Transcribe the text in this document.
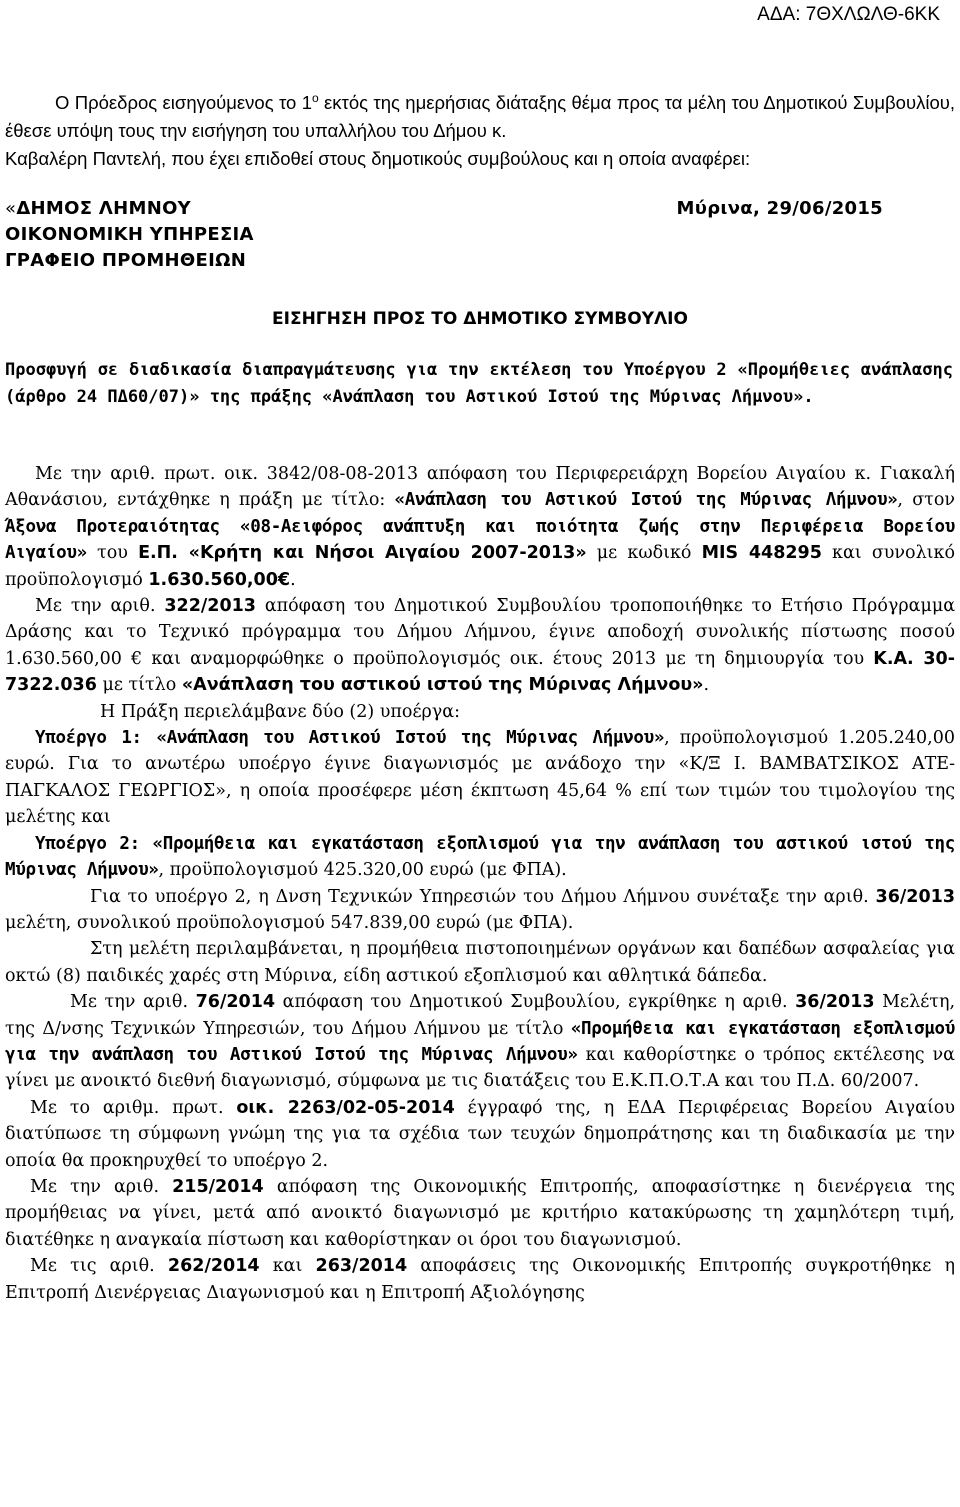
ΑΔΑ: 7ΘΧΛΩΛΘ-6ΚΚ

Ο Πρόεδρος εισηγούμενος το $1^o$ εκτός της ημερήσιας διάταξης θέμα προς τα μέλη του Δημοτικού Συμβουλίου, έθεσε υπόψη τους την εισήγηση του υπαλλήλου του Δήμου κ.

Καβαλέρη Παντελή, που έχει επιδοθεί στους δημοτικούς συμβούλους και η οποία αναφέρει:

«ΔΗΜΟΣ ΛΗΜΝΟΥ
ΟΙΚΟΝΟΜΙΚΗ ΥΠΗΡΕΣΙΑ
ΓΡΑΦΕΙΟ ΠΡΟΜΗΘΕΙΩΝ
Μύρινα, 29/06/2015
ΕΙΣΗΓΗΣΗ ΠΡΟΣ ΤΟ ΔΗΜΟΤΙΚΟ ΣΥΜΒΟΥΛΙΟ
Προσφυγή σε διαδικασία διαπραγμάτευσης για την εκτέλεση του Υποέργου 2 «Προμήθειες ανάπλασης (άρθρο 24 ΠΔ60/07)» της πράξης «Ανάπλαση του Αστικού Ιστού της Μύρινας Λήμνου».

Με την αριθ. πρωτ. οικ. 3842/08-08-2013 απόφαση του Περιφερειάρχη Βορείου Αιγαίου κ. Γιακαλή Αθανάσιου, εντάχθηκε η πράξη με τίτλο: «Ανάπλαση του Αστικού Ιστού της Μύρινας Λήμνου», στον Άξονα Προτεραιότητας «08-Αειφόρος ανάπτυξη και ποιότητα ζωής στην Περιφέρεια Βορείου Αιγαίου» του Ε.Π. «Κρήτη και Νήσοι Αιγαίου 2007-2013» με κωδικό MIS 448295 και συνολικό προϋπολογισμό 1.630.560,00€.

Με την αριθ. 322/2013 απόφαση του Δημοτικού Συμβουλίου τροποποιήθηκε το Ετήσιο Πρόγραμμα Δράσης και το Τεχνικό πρόγραμμα του Δήμου Λήμνου, έγινε αποδοχή συνολικής πίστωσης ποσού 1.630.560,00 € και αναμορφώθηκε ο προϋπολογισμός οικ. έτους 2013 με τη δημιουργία του Κ.Α. 30-7322.036 με τίτλο «Ανάπλαση του αστικού ιστού της Μύρινας Λήμνου».

Η Πράξη περιελάμβανε δύο (2) υποέργα:

Υποέργο 1: «Ανάπλαση του Αστικού Ιστού της Μύρινας Λήμνου», προϋπολογισμού 1.205.240,00 ευρώ. Για το ανωτέρω υποέργο έγινε διαγωνισμός με ανάδοχο την «Κ/Ξ Ι. ΒΑΜΒΑΤΣΙΚΟΣ ΑΤΕ- ΠΑΓΚΑΛΟΣ ΓΕΩΡΓΙΟΣ», η οποία προσέφερε μέση έκπτωση 45,64 % επί των τιμών του τιμολογίου της μελέτης και

Υποέργο 2: «Προμήθεια και εγκατάσταση εξοπλισμού για την ανάπλαση του αστικού ιστού της Μύρινας Λήμνου», προϋπολογισμού 425.320,00 ευρώ (με ΦΠΑ).

Για το υποέργο 2, η Δνση Τεχνικών Υπηρεσιών του Δήμου Λήμνου συνέταξε την αριθ. 36/2013 μελέτη, συνολικού προϋπολογισμού 547.839,00 ευρώ (με ΦΠΑ).

Στη μελέτη περιλαμβάνεται, η προμήθεια πιστοποιημένων οργάνων και δαπέδων ασφαλείας για οκτώ (8) παιδικές χαρές στη Μύρινα, είδη αστικού εξοπλισμού και αθλητικά δάπεδα.

Με την αριθ. 76/2014 απόφαση του Δημοτικού Συμβουλίου, εγκρίθηκε η αριθ. 36/2013 Μελέτη, της Δ/νσης Τεχνικών Υπηρεσιών, του Δήμου Λήμνου με τίτλο «Προμήθεια και εγκατάσταση εξοπλισμού για την ανάπλαση του Αστικού Ιστού της Μύρινας Λήμνου» και καθορίστηκε ο τρόπος εκτέλεσης να γίνει με ανοικτό διεθνή διαγωνισμό, σύμφωνα με τις διατάξεις του Ε.Κ.Π.Ο.Τ.Α και του Π.Δ. 60/2007.

Με το αριθμ. πρωτ. οικ. 2263/02-05-2014 έγγραφό της, η ΕΔΑ Περιφέρειας Βορείου Αιγαίου διατύπωσε τη σύμφωνη γνώμη της για τα σχέδια των τευχών δημοπράτησης και τη διαδικασία με την οποία θα προκηρυχθεί το υποέργο 2.

Με την αριθ. 215/2014 απόφαση της Οικονομικής Επιτροπής, αποφασίστηκε η διενέργεια της προμήθειας να γίνει, μετά από ανοικτό διαγωνισμό με κριτήριο κατακύρωσης τη χαμηλότερη τιμή, διατέθηκε η αναγκαία πίστωση και καθορίστηκαν οι όροι του διαγωνισμού.

Με τις αριθ. 262/2014 και 263/2014 αποφάσεις της Οικονομικής Επιτροπής συγκροτήθηκε η Επιτροπή Διενέργειας Διαγωνισμού και η Επιτροπή Αξιολόγησης
